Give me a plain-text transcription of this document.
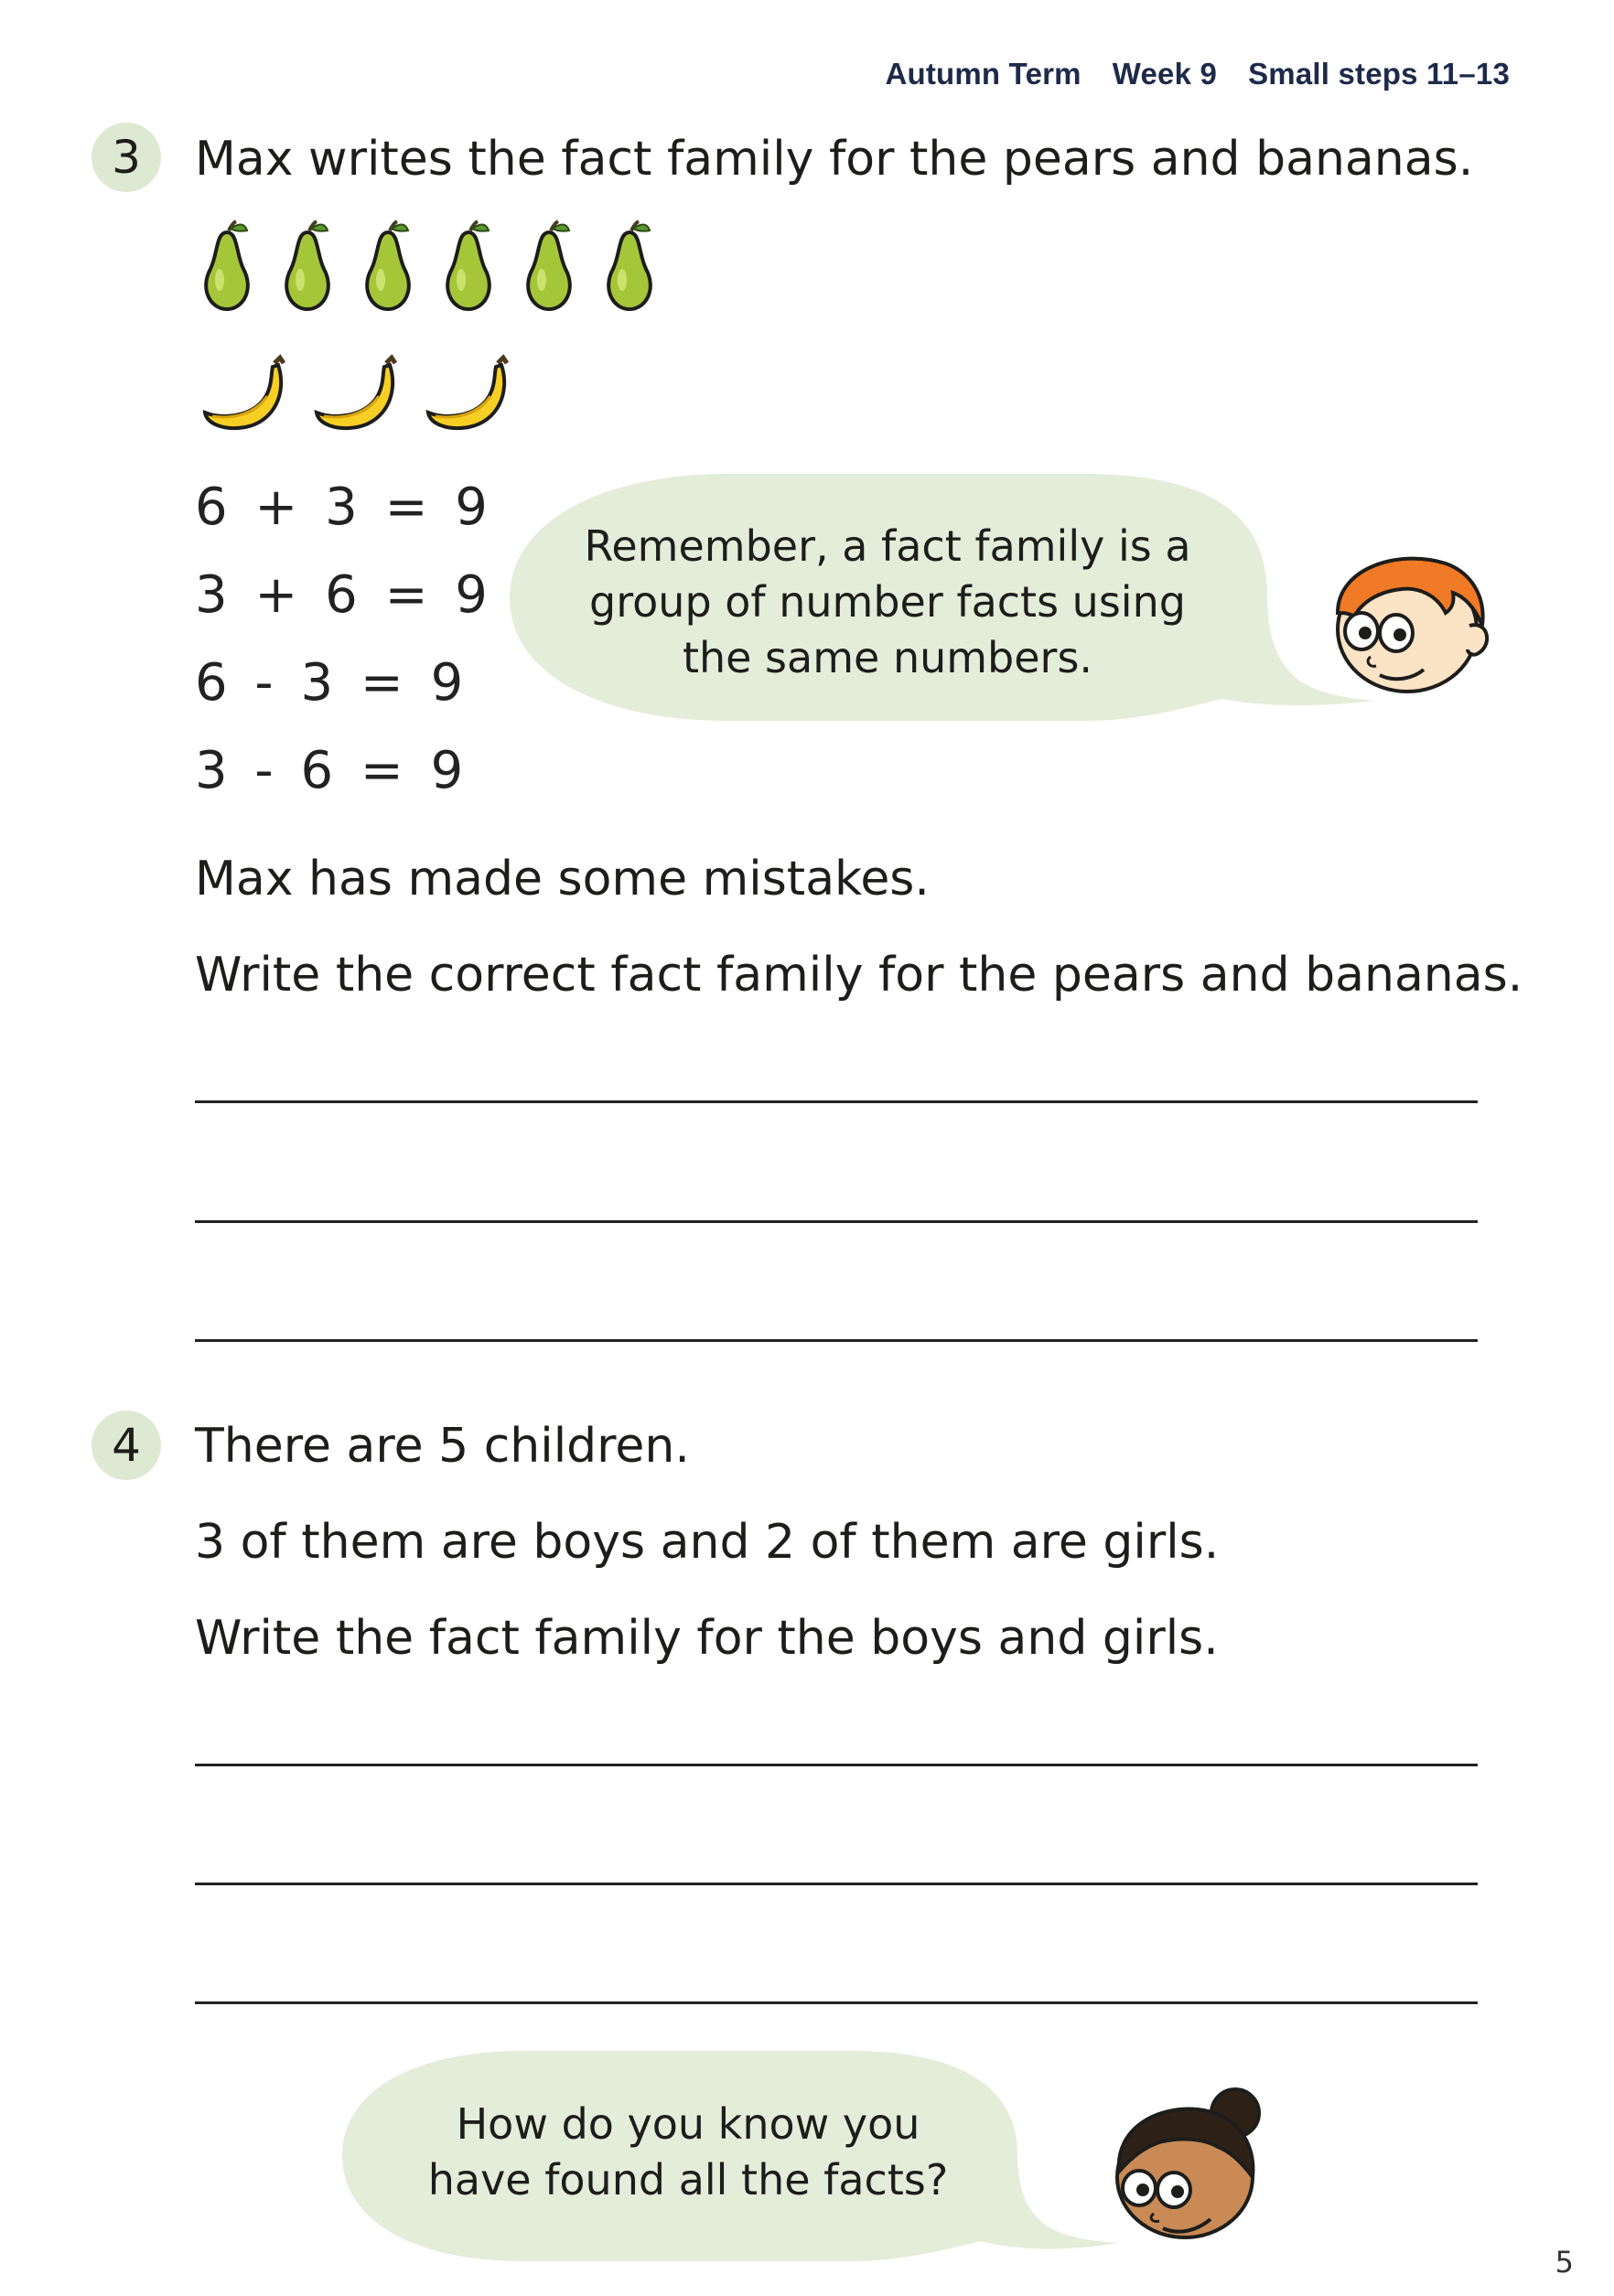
Autumn Term Week 9 Small steps 11–13
3	Max writes the fact family for the pears and bananas.
6 + 3 = 9
3 + 6 = 9
6 - 3 = 9
3 - 6 = 9
Remember, a fact family is a
group of number facts using
the same numbers.
Max has made some mistakes.
Write the correct fact family for the pears and bananas.
4	There are 5 children.
3 of them are boys and 2 of them are girls.
Write the fact family for the boys and girls.
How do you know you
have found all the facts?
5
